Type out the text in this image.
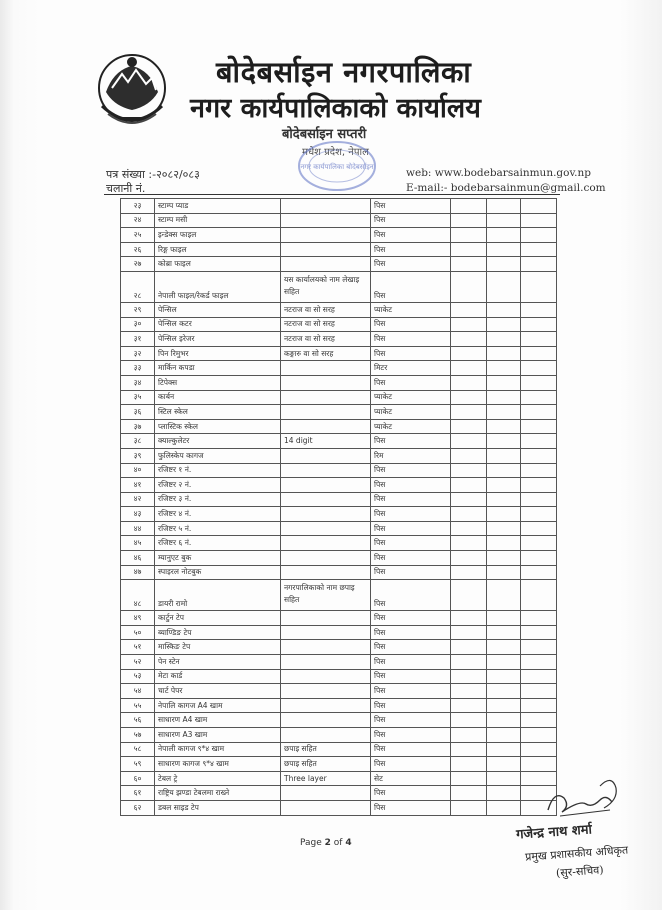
बोदेबर्साइन नगरपालिका
नगर कार्यपालिकाको कार्यालय
बोदेबर्साइन सप्तरी
मधेश प्रदेश, नेपाल
नगर कार्यपालिका बोदेबर्साइन
पत्र संख्या :-२०८२/०८३
चलानी नं.
web: www.bodebarsainmun.gov.np
E-mail:- bodebarsainmun@gmail.com
२३	स्टाम्प प्याड		पिस			
२४	स्टाम्प मसी		पिस			
२५	इन्डेक्स फाइल		पिस			
२६	रिङ्ग फाइल		पिस			
२७	कोब्रा फाइल		पिस			
२८	नेपाली फाइल/रेकर्ड फाइल	यस कार्यालयको नाम लेखाइ सहित	पिस			
२९	पेन्सिल	नटराज वा सो सरह	प्याकेट			
३०	पेन्सिल कटर	नटराज वा सो सरह	पिस			
३१	पेन्सिल इरेजर	नटराज वा सो सरह	पिस			
३२	पिन रिमुभर	कङ्गारु वा सो सरह	पिस			
३३	मार्किन कपडा		मिटर			
३४	टिपेक्स		पिस			
३५	कार्बन		प्याकेट			
३६	स्टिल स्केल		प्याकेट			
३७	प्लास्टिक स्केल		प्याकेट			
३८	क्याल्कुलेटर	14 digit	पिस			
३९	फुलिस्केप कागज		रिम			
४०	रजिष्टर १ नं.		पिस			
४१	रजिष्टर २ नं.		पिस			
४२	रजिष्टर ३ नं.		पिस			
४३	रजिष्टर ४ नं.		पिस			
४४	रजिष्टर ५ नं.		पिस			
४५	रजिष्टर ६ नं.		पिस			
४६	म्यानुएट बुक		पिस			
४७	स्पाइरल नोटबुक		पिस			
४८	डायरी रामो	नगरपालिकाको नाम छपाइ सहित	पिस			
४९	कार्टुन टेप		पिस			
५०	ब्याण्डिङ टेप		पिस			
५१	मास्किङ टेप		पिस			
५२	पेन स्टेन		पिस			
५३	मेटा कार्ड		पिस			
५४	चार्ट पेपर		पिस			
५५	नेपालि कागज A4 खाम		पिस			
५६	साधारण A4 खाम		पिस			
५७	साधारण A3 खाम		पिस			
५८	नेपाली कागज ९*४ खाम	छपाइ सहित	पिस			
५९	साधारण कागज ९*४ खाम	छपाइ सहित	पिस			
६०	टेबल ट्रे	Three layer	सेट			
६१	राष्ट्रिय झण्डा टेबलमा राख्ने		पिस			
६२	डबल साइड टेप		पिस			
Page 2 of 4
गजेन्द्र नाथ शर्मा
प्रमुख प्रशासकीय अधिकृत
(सुर-सचिव)
